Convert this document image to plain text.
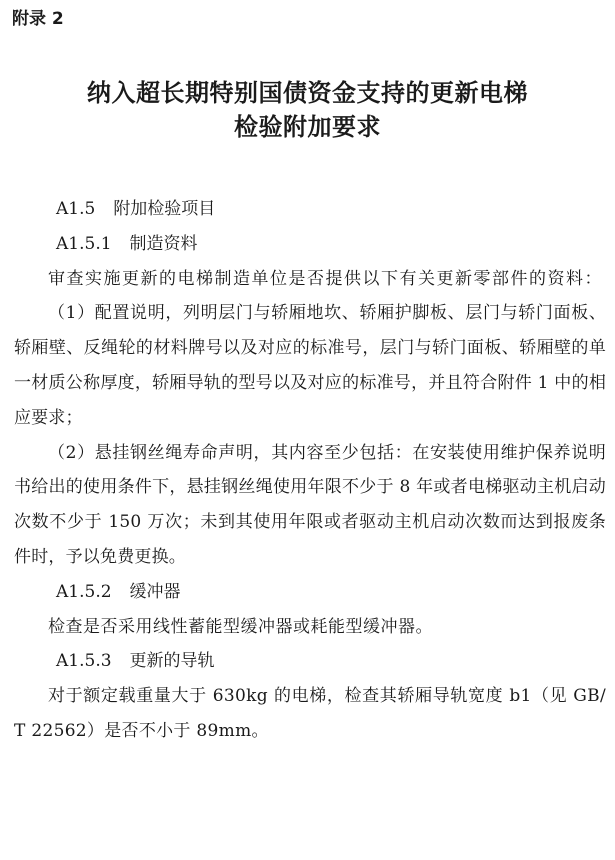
附录 2
纳入超长期特别国债资金支持的更新电梯
检验附加要求
A1.5 附加检验项目
A1.5.1 制造资料
审查实施更新的电梯制造单位是否提供以下有关更新零部件的资料：
（1）配置说明，列明层门与轿厢地坎、轿厢护脚板、层门与轿门面板、轿厢壁、反绳轮的材料牌号以及对应的标准号，层门与轿门面板、轿厢壁的单一材质公称厚度，轿厢导轨的型号以及对应的标准号，并且符合附件 1 中的相应要求；
（2）悬挂钢丝绳寿命声明，其内容至少包括：在安装使用维护保养说明书给出的使用条件下，悬挂钢丝绳使用年限不少于 8 年或者电梯驱动主机启动次数不少于 150 万次；未到其使用年限或者驱动主机启动次数而达到报废条件时，予以免费更换。
A1.5.2 缓冲器
检查是否采用线性蓄能型缓冲器或耗能型缓冲器。
A1.5.3 更新的导轨
对于额定载重量大于 630kg 的电梯，检查其轿厢导轨宽度 b1（见 GB/T 22562）是否不小于 89mm。
